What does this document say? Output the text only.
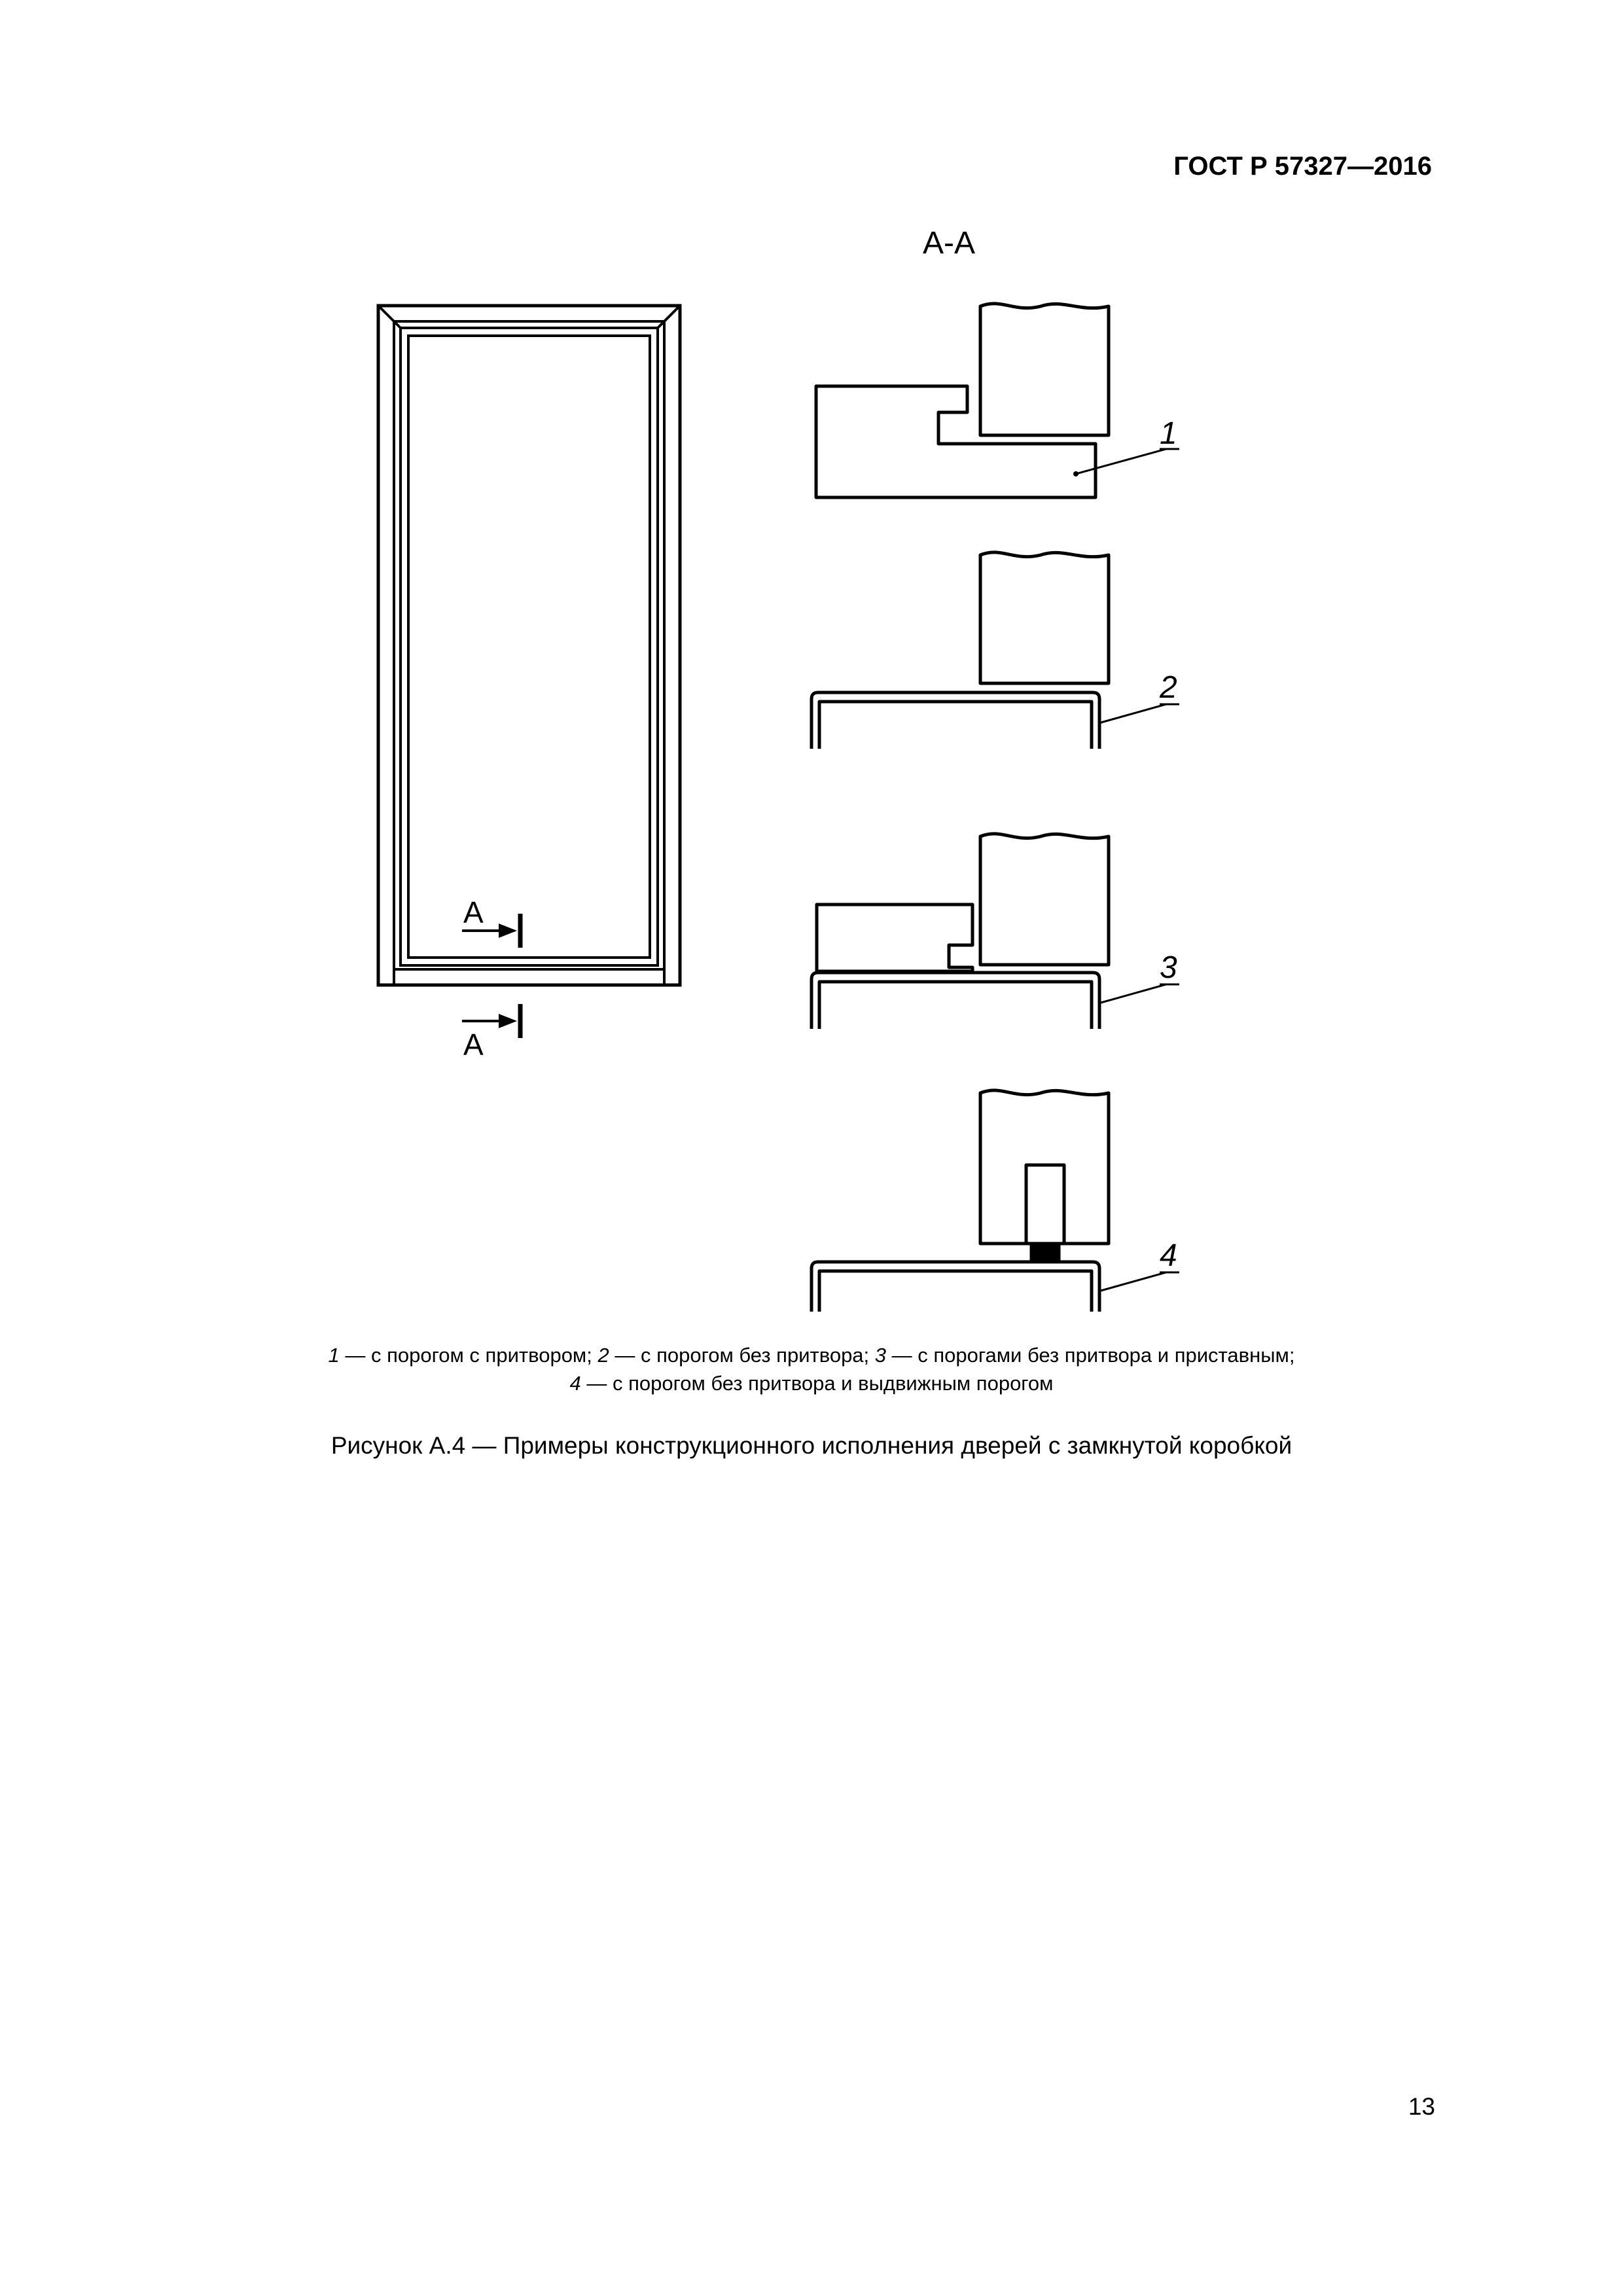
ГОСТ Р 57327—2016
А-А
А
А
1
2
3
4
1 — с порогом с притвором; 2 — с порогом без притвора; 3 — с порогами без притвора и приставным;
4 — с порогом без притвора и выдвижным порогом
Рисунок А.4 — Примеры конструкционного исполнения дверей с замкнутой коробкой
13
